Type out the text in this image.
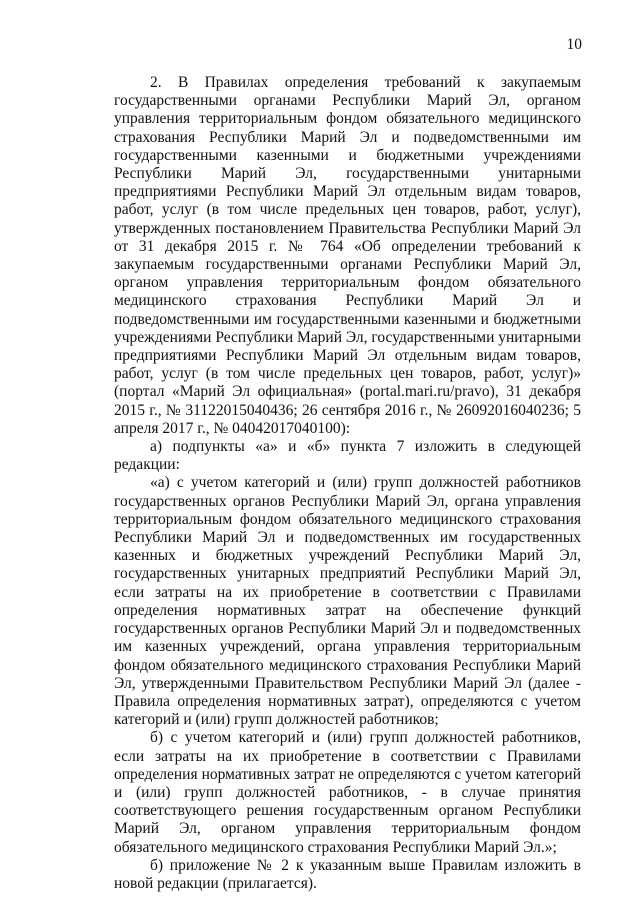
10

2. В Правилах определения требований к закупаемым государственными органами Республики Марий Эл, органом управления территориальным фондом обязательного медицинского страхования Республики Марий Эл и подведомственными им государственными казенными и бюджетными учреждениями Республики Марий Эл, государственными унитарными предприятиями Республики Марий Эл отдельным видам товаров, работ, услуг (в том числе предельных цен товаров, работ, услуг), утвержденных постановлением Правительства Республики Марий Эл от 31 декабря 2015 г. № 764 «Об определении требований к закупаемым государственными органами Республики Марий Эл, органом управления территориальным фондом обязательного медицинского страхования Республики Марий Эл и подведомственными им государственными казенными и бюджетными учреждениями Республики Марий Эл, государственными унитарными предприятиями Республики Марий Эл отдельным видам товаров, работ, услуг (в том числе предельных цен товаров, работ, услуг)» (портал «Марий Эл официальная» (portal.mari.ru/pravo), 31 декабря 2015 г., № 31122015040436; 26 сентября 2016 г., № 26092016040236; 5 апреля 2017 г., № 04042017040100):

а) подпункты «а» и «б» пункта 7 изложить в следующей редакции:

«а) с учетом категорий и (или) групп должностей работников государственных органов Республики Марий Эл, органа управления территориальным фондом обязательного медицинского страхования Республики Марий Эл и подведомственных им государственных казенных и бюджетных учреждений Республики Марий Эл, государственных унитарных предприятий Республики Марий Эл, если затраты на их приобретение в соответствии с Правилами определения нормативных затрат на обеспечение функций государственных органов Республики Марий Эл и подведомственных им казенных учреждений, органа управления территориальным фондом обязательного медицинского страхования Республики Марий Эл, утвержденными Правительством Республики Марий Эл (далее - Правила определения нормативных затрат), определяются с учетом категорий и (или) групп должностей работников;

б) с учетом категорий и (или) групп должностей работников, если затраты на их приобретение в соответствии с Правилами определения нормативных затрат не определяются с учетом категорий и (или) групп должностей работников, - в случае принятия соответствующего решения государственным органом Республики Марий Эл, органом управления территориальным фондом обязательного медицинского страхования Республики Марий Эл.»;

б) приложение № 2 к указанным выше Правилам изложить в новой редакции (прилагается).
